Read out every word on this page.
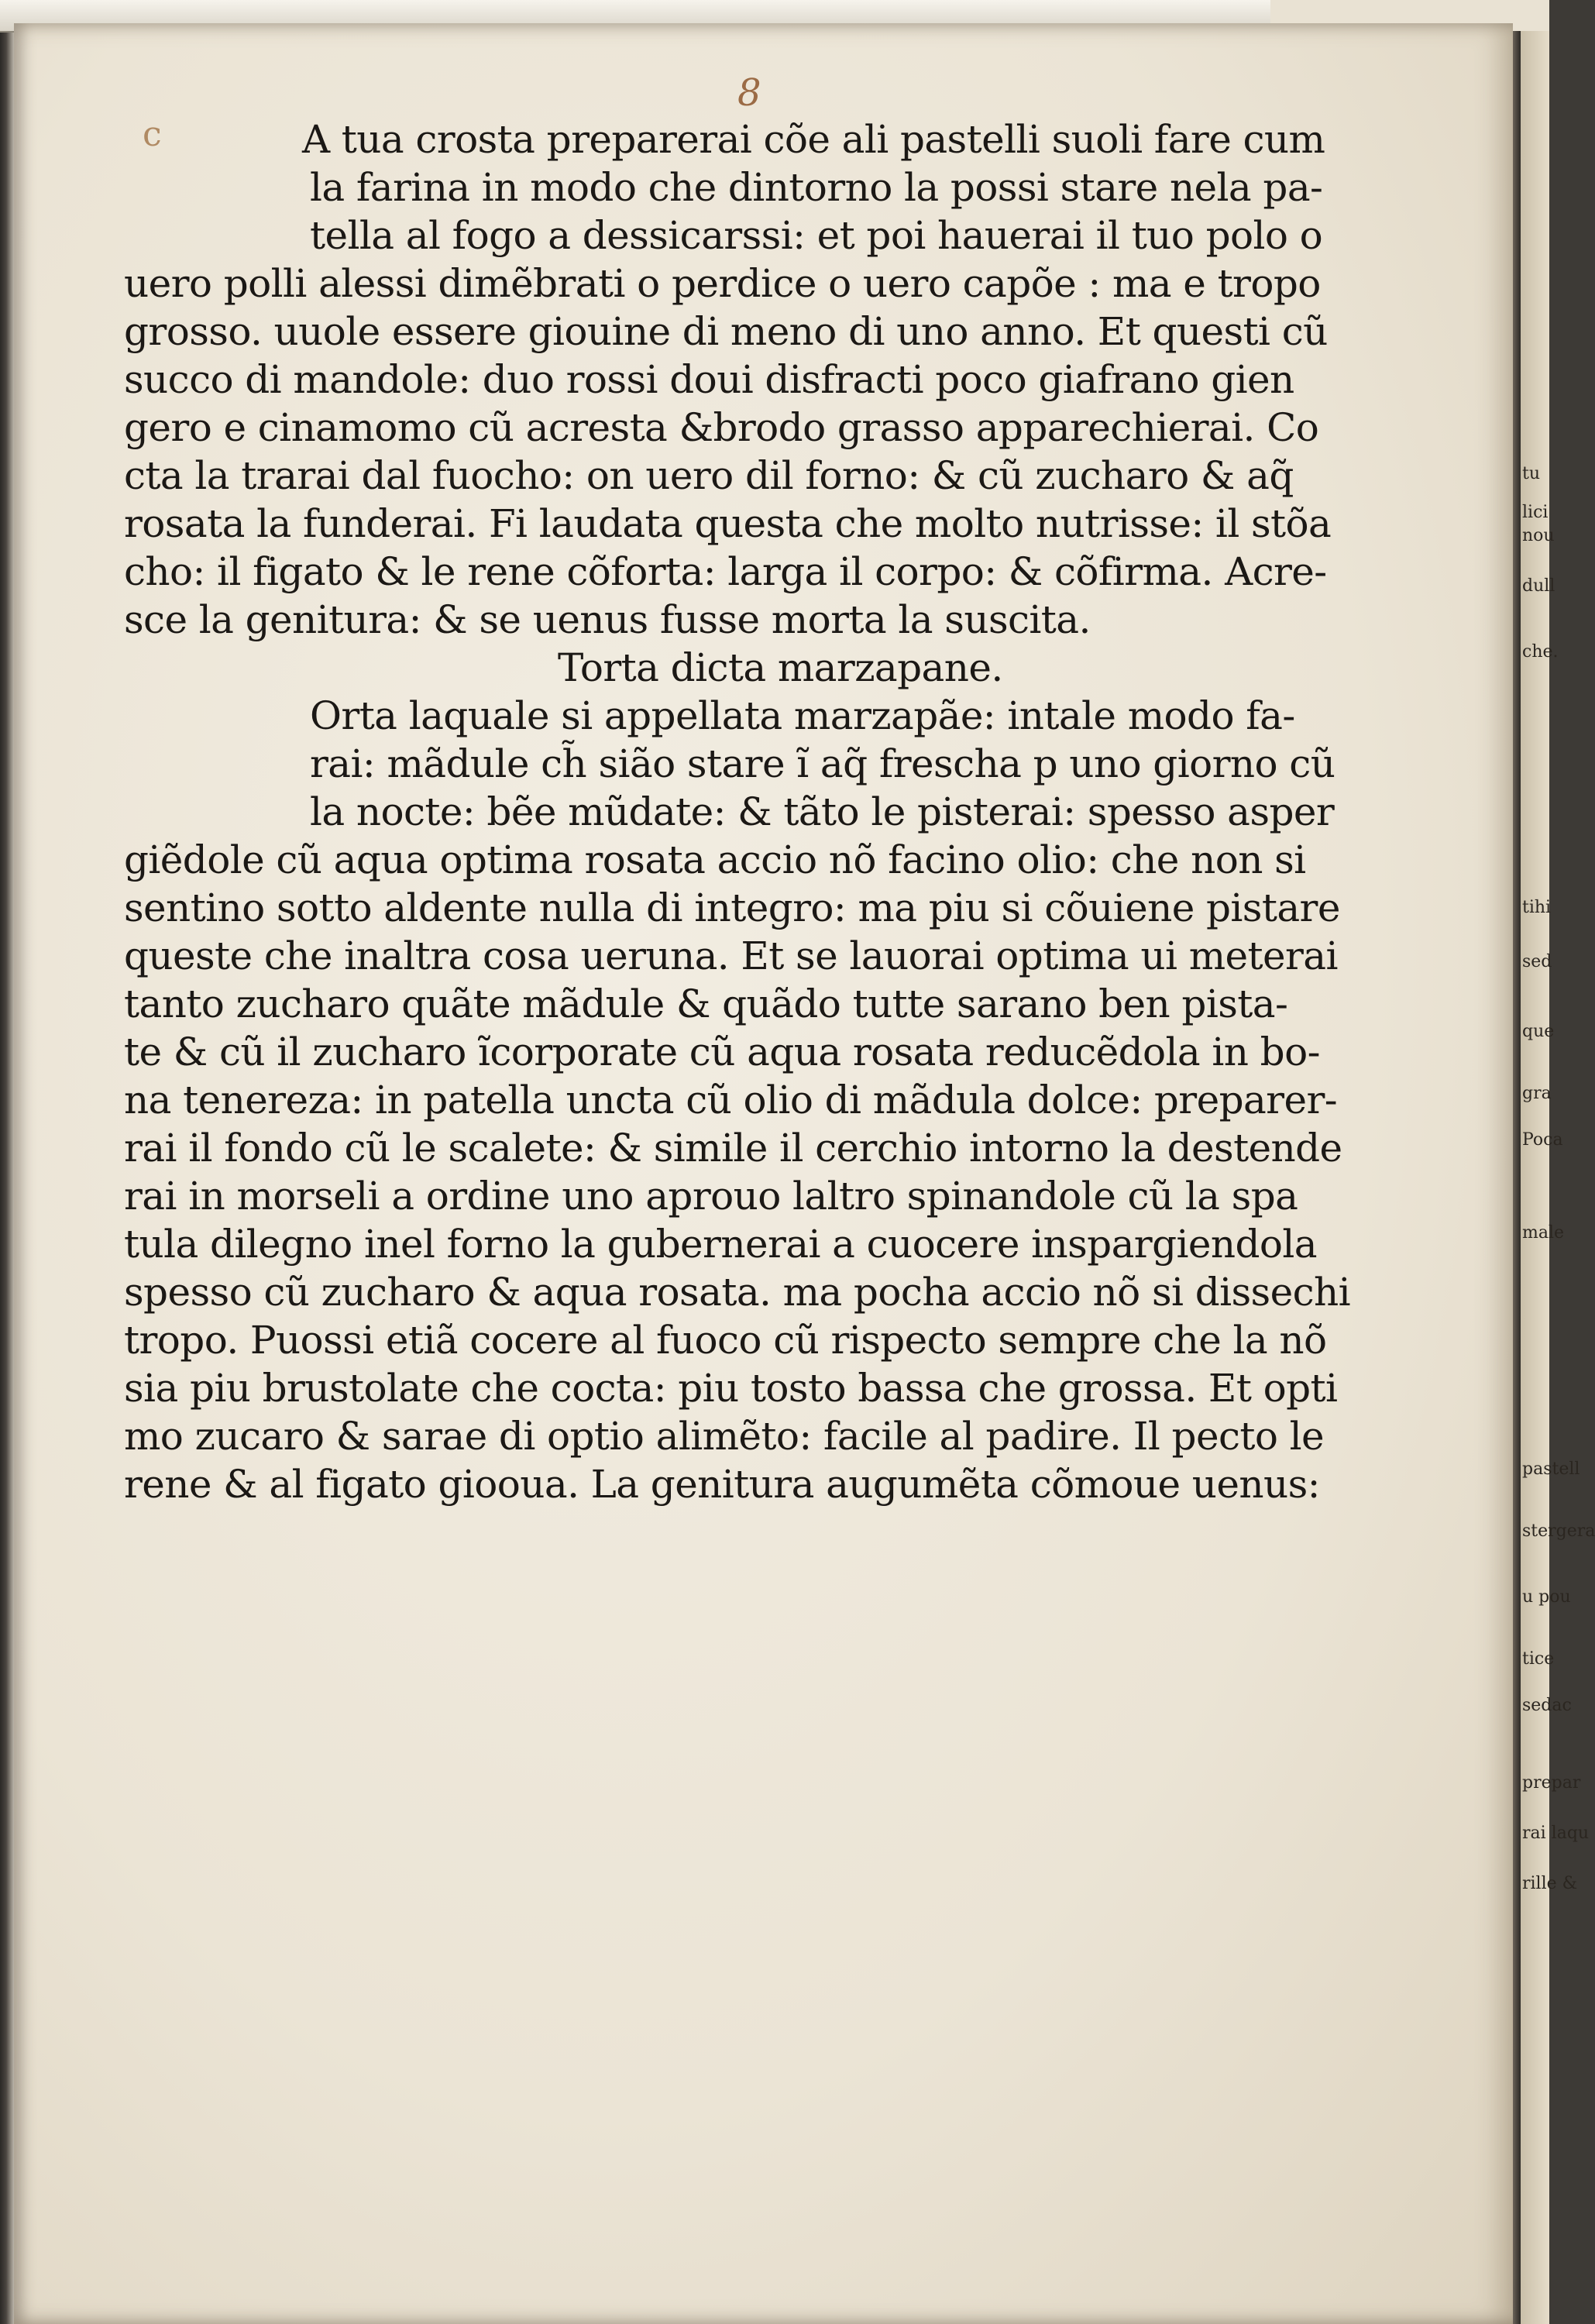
tu
lici
nou
dull
che.
tihi
sed
que
gra
Poca
male
pastell
stergera
u pou
tice
sedac
prepar
rai laqu
rille &
8
c	A tua crosta preparerai cõe ali pastelli suoli fare cum
la farina in modo che dintorno la possi stare nela pa-
tella al fogo a dessicarssi: et poi hauerai il tuo polo o
uero polli alessi dimẽbrati o perdice o uero capõe : ma e tropo
grosso. uuole essere giouine di meno di uno anno. Et questi cũ
succo di mandole: duo rossi doui disfracti poco giafrano gien
gero e cinamomo cũ acresta &brodo grasso apparechierai. Co
cta la trarai dal fuocho: on uero dil forno: & cũ zucharo & aq̃
rosata la funderai. Fi laudata questa che molto nutrisse: il stõa
cho: il figato & le rene cõforta: larga il corpo: & cõfirma. Acre-
sce la genitura: & se uenus fusse morta la suscita.
Torta dicta marzapane.
Orta laquale si appellata marzapãe: intale modo fa-
rai: mãdule ch̃ sião stare ĩ aq̃ frescha p uno giorno cũ
la nocte: bẽe mũdate: & tãto le pisterai: spesso asper
giẽdole cũ aqua optima rosata accio nõ facino olio: che non si
sentino sotto aldente nulla di integro: ma piu si cõuiene pistare
queste che inaltra cosa ueruna. Et se lauorai optima ui meterai
tanto zucharo quãte mãdule & quãdo tutte sarano ben pista-
te & cũ il zucharo ĩcorporate cũ aqua rosata reducẽdola in bo-
na tenereza: in patella uncta cũ olio di mãdula dolce: preparer-
rai il fondo cũ le scalete: & simile il cerchio intorno la destende
rai in morseli a ordine uno aprouo laltro spinandole cũ la spa
tula dilegno inel forno la gubernerai a cuocere inspargiendola
spesso cũ zucharo & aqua rosata. ma pocha accio nõ si dissechi
tropo. Puossi etiã cocere al fuoco cũ rispecto sempre che la nõ
sia piu brustolate che cocta: piu tosto bassa che grossa. Et opti
mo zucaro & sarae di optio alimẽto: facile al padire. Il pecto le
rene & al figato giooua. La genitura augumẽta cõmoue uenus:
